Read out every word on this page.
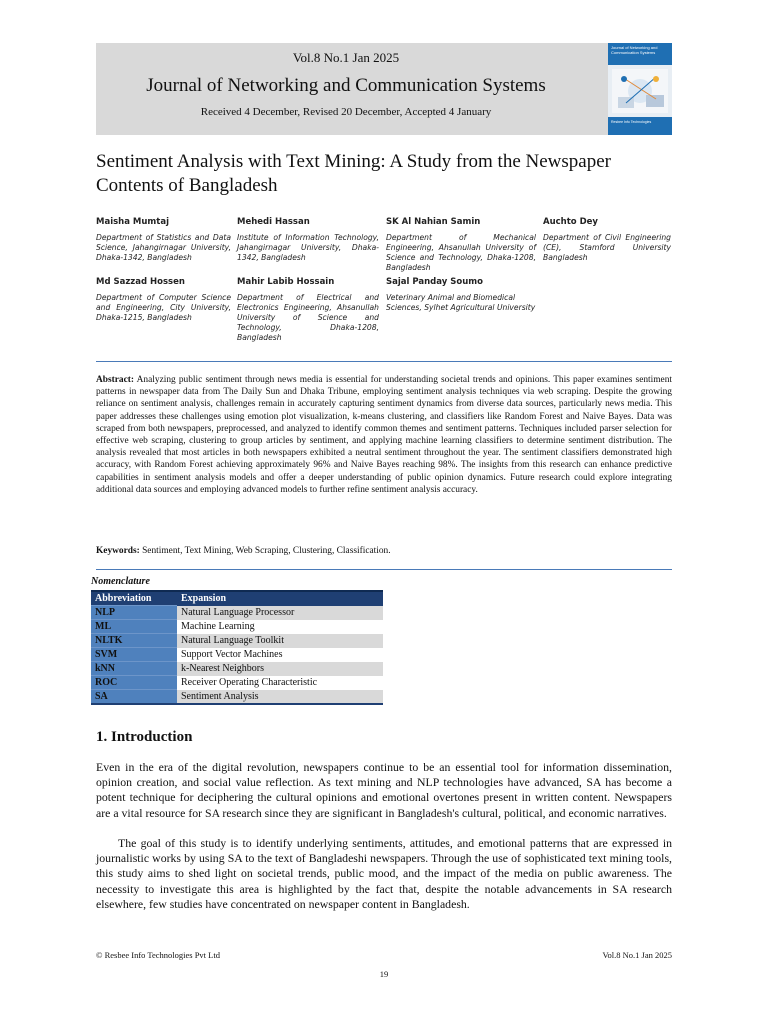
Vol.8 No.1 Jan 2025
Journal of Networking and Communication Systems
Received 4 December, Revised 20 December, Accepted 4 January
Journal of Networking and Communication Systems
Resbee Info Technologies
Sentiment Analysis with Text Mining: A Study from the Newspaper Contents of Bangladesh
Maisha Mumtaj
Department of Statistics and Data Science, Jahangirnagar University, Dhaka-1342, Bangladesh
Mehedi Hassan
Institute of Information Technology, Jahangirnagar University, Dhaka-1342, Bangladesh
SK Al Nahian Samin
Department of Mechanical Engineering, Ahsanullah University of Science and Technology, Dhaka-1208, Bangladesh
Auchto Dey
Department of Civil Engineering (CE), Stamford University Bangladesh
Md Sazzad Hossen
Department of Computer Science and Engineering, City University, Dhaka-1215, Bangladesh
Mahir Labib Hossain
Department of Electrical and Electronics Engineering, Ahsanullah University of Science and Technology, Dhaka-1208, Bangladesh
Sajal Panday Soumo
Veterinary Animal and Biomedical Sciences, Sylhet Agricultural University
Abstract: Analyzing public sentiment through news media is essential for understanding societal trends and opinions. This paper examines sentiment patterns in newspaper data from The Daily Sun and Dhaka Tribune, employing sentiment analysis techniques via web scraping. Despite the growing reliance on sentiment analysis, challenges remain in accurately capturing sentiment dynamics from diverse data sources, particularly news media. This paper addresses these challenges using emotion plot visualization, k-means clustering, and classifiers like Random Forest and Naive Bayes. Data was scraped from both newspapers, preprocessed, and analyzed to identify common themes and sentiment patterns. Techniques included parser selection for effective web scraping, clustering to group articles by sentiment, and applying machine learning classifiers to determine sentiment distribution. The analysis revealed that most articles in both newspapers exhibited a neutral sentiment throughout the year. The sentiment classifiers demonstrated high accuracy, with Random Forest achieving approximately 96% and Naive Bayes reaching 98%. The insights from this research can enhance predictive capabilities in sentiment analysis models and offer a deeper understanding of public opinion dynamics. Future research could explore integrating additional data sources and employing advanced models to further refine sentiment analysis accuracy.
Keywords: Sentiment, Text Mining, Web Scraping, Clustering, Classification.
Nomenclature
Abbreviation	Expansion
NLP	Natural Language Processor
ML	Machine Learning
NLTK	Natural Language Toolkit
SVM	Support Vector Machines
kNN	k-Nearest Neighbors
ROC	Receiver Operating Characteristic
SA	Sentiment Analysis
1. Introduction
Even in the era of the digital revolution, newspapers continue to be an essential tool for information dissemination, opinion creation, and social value reflection. As text mining and NLP technologies have advanced, SA has become a potent technique for deciphering the cultural opinions and emotional overtones present in written content. Newspapers are a vital resource for SA research since they are significant in Bangladesh's cultural, political, and economic narratives.
The goal of this study is to identify underlying sentiments, attitudes, and emotional patterns that are expressed in journalistic works by using SA to the text of Bangladeshi newspapers. Through the use of sophisticated text mining tools, this study aims to shed light on societal trends, public mood, and the impact of the media on public awareness. The necessity to investigate this area is highlighted by the fact that, despite the notable advancements in SA research elsewhere, few studies have concentrated on newspaper content in Bangladesh.
© Resbee Info Technologies Pvt Ltd	Vol.8 No.1 Jan 2025
19
